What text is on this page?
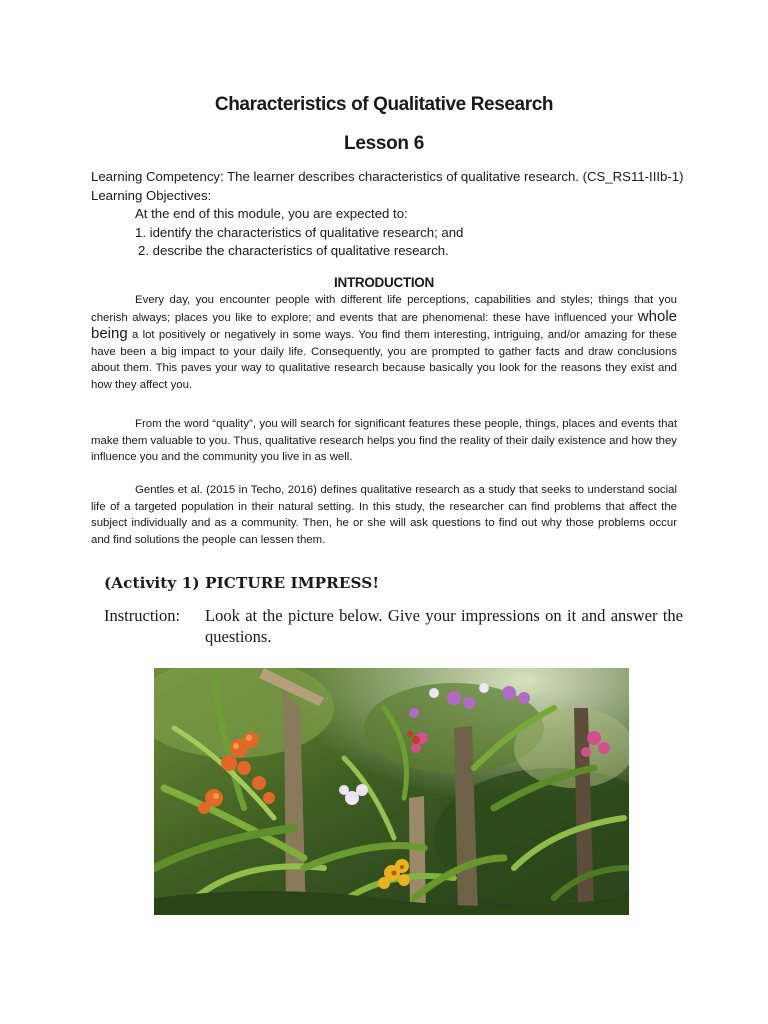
Characteristics of Qualitative Research
Lesson 6
Learning Competency: The learner describes characteristics of qualitative research. (CS_RS11-IIIb-1)
Learning Objectives:
At the end of this module, you are expected to:
1. identify the characteristics of qualitative research; and
2. describe the characteristics of qualitative research.
INTRODUCTION
Every day, you encounter people with different life perceptions, capabilities and styles; things that you cherish always; places you like to explore; and events that are phenomenal: these have influenced your whole being a lot positively or negatively in some ways. You find them interesting, intriguing, and/or amazing for these have been a big impact to your daily life. Consequently, you are prompted to gather facts and draw conclusions about them. This paves your way to qualitative research because basically you look for the reasons they exist and how they affect you.
From the word “quality”, you will search for significant features these people, things, places and events that make them valuable to you. Thus, qualitative research helps you find the reality of their daily existence and how they influence you and the community you live in as well.
Gentles et al. (2015 in Techo, 2016) defines qualitative research as a study that seeks to understand social life of a targeted population in their natural setting. In this study, the researcher can find problems that affect the subject individually and as a community. Then, he or she will ask questions to find out why those problems occur and find solutions the people can lessen them.
(Activity 1) PICTURE IMPRESS!
Instruction: Look at the picture below. Give your impressions on it and answer the questions.
